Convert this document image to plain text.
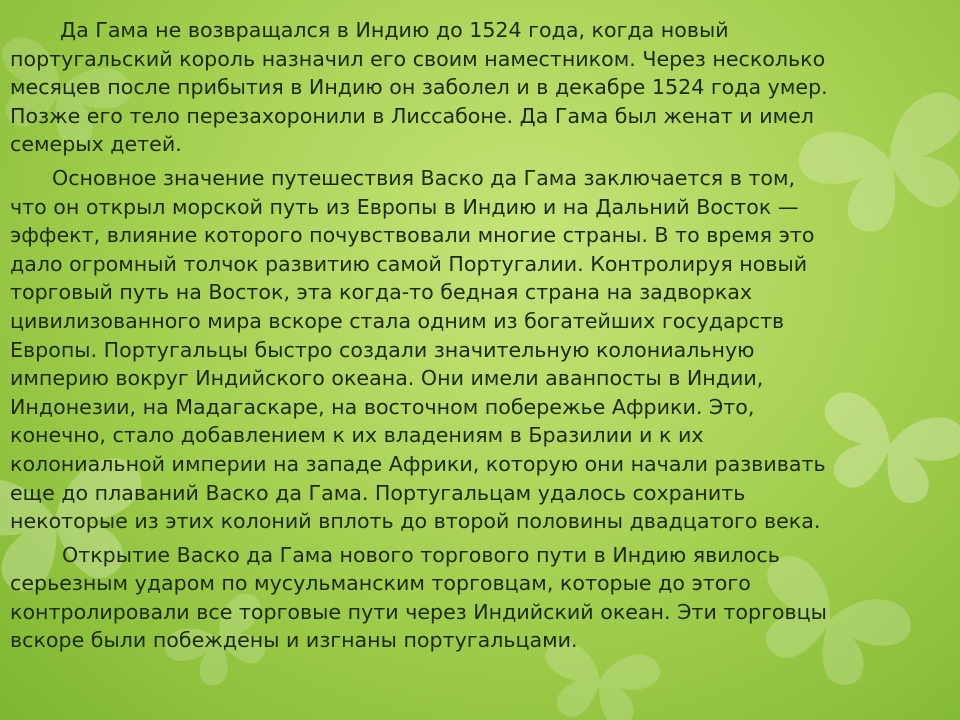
Да Гама не возвращался в Индию до 1524 года, когда новый
португальский король назначил его своим наместником. Через несколько
месяцев после прибытия в Индию он заболел и в декабре 1524 года умер.
Позже его тело перезахоронили в Лиссабоне. Да Гама был женат и имел
семерых детей.
Основное значение путешествия Васко да Гама заключается в том,
что он открыл морской путь из Европы в Индию и на Дальний Восток —
эффект, влияние которого почувствовали многие страны. В то время это
дало огромный толчок развитию самой Португалии. Контролируя новый
торговый путь на Восток, эта когда-то бедная страна на задворках
цивилизованного мира вскоре стала одним из богатейших государств
Европы. Португальцы быстро создали значительную колониальную
империю вокруг Индийского океана. Они имели аванпосты в Индии,
Индонезии, на Мадагаскаре, на восточном побережье Африки. Это,
конечно, стало добавлением к их владениям в Бразилии и к их
колониальной империи на западе Африки, которую они начали развивать
еще до плаваний Васко да Гама. Португальцам удалось сохранить
некоторые из этих колоний вплоть до второй половины двадцатого века.
Открытие Васко да Гама нового торгового пути в Индию явилось
серьезным ударом по мусульманским торговцам, которые до этого
контролировали все торговые пути через Индийский океан. Эти торговцы
вскоре были побеждены и изгнаны португальцами.
